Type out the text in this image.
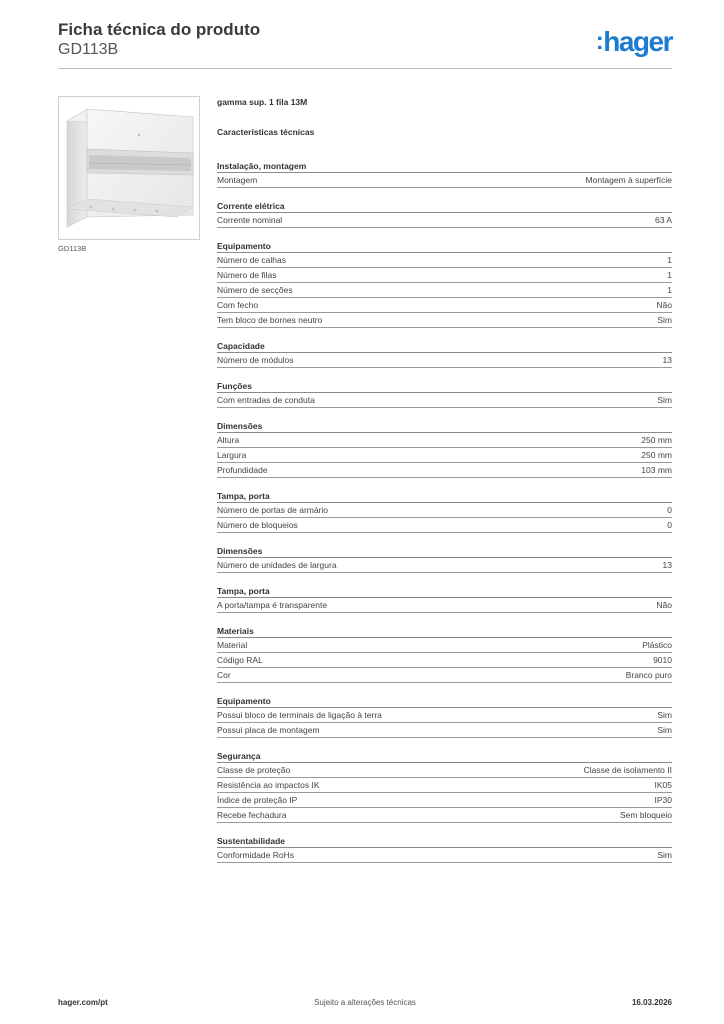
Ficha técnica do produto
GD113B	:hager
GD113B
gamma sup. 1 fila 13M
Características técnicas
Instalação, montagem
Montagem	Montagem à superfície
Corrente elétrica
Corrente nominal	63 A
Equipamento
Número de calhas	1
Número de filas	1
Número de secções	1
Com fecho	Não
Tem bloco de bornes neutro	Sim
Capacidade
Número de módulos	13
Funções
Com entradas de conduta	Sim
Dimensões
Altura	250 mm
Largura	250 mm
Profundidade	103 mm
Tampa, porta
Número de portas de armário	0
Número de bloqueios	0
Dimensões
Número de unidades de largura	13
Tampa, porta
A porta/tampa é transparente	Não
Materiais
Material	Plástico
Código RAL	9010
Cor	Branco puro
Equipamento
Possui bloco de terminais de ligação à terra	Sim
Possui placa de montagem	Sim
Segurança
Classe de proteção	Classe de isolamento II
Resistência ao impactos IK	IK05
Índice de proteção IP	IP30
Recebe fechadura	Sem bloqueio
Sustentabilidade
Conformidade RoHs	Sim
hager.com/pt	Sujeito a alterações técnicas	16.03.2026
